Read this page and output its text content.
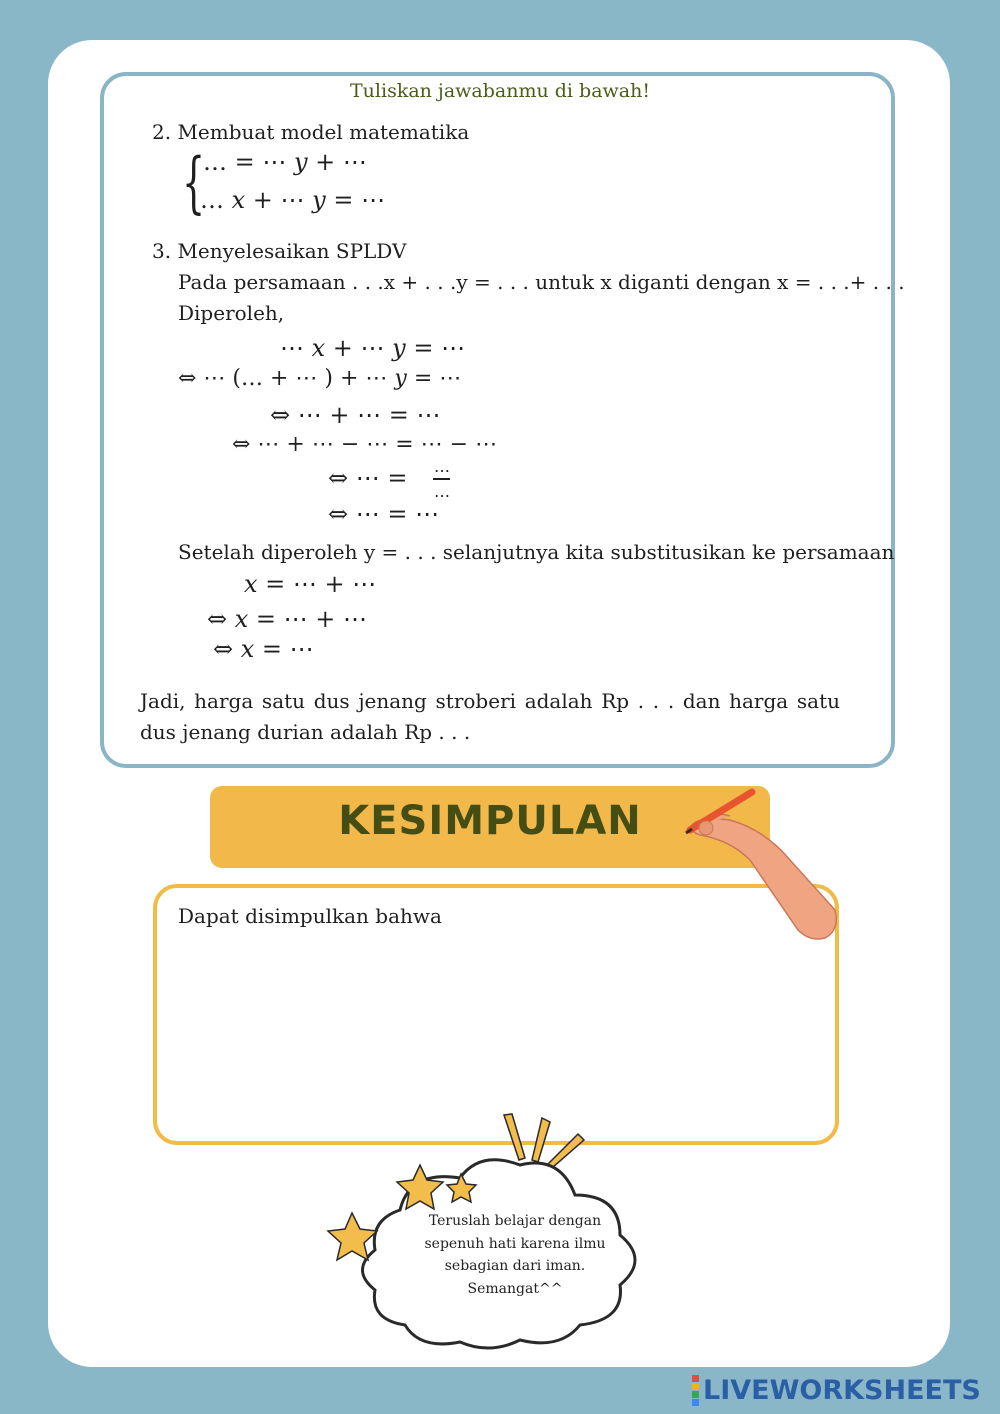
Tuliskan jawabanmu di bawah!
2. Membuat model matematika
{
… = ⋯ 𝑦 + ⋯
… 𝑥 + ⋯ 𝑦 = ⋯
3. Menyelesaikan SPLDV
Pada persamaan . . .x + . . .y = . . . untuk x diganti dengan x = . . .+ . . .
Diperoleh,
⋯ 𝑥 + ⋯ 𝑦 = ⋯
⇔ ⋯ (… + ⋯ ) + ⋯ 𝑦 = ⋯
⇔ ⋯ + ⋯ = ⋯
⇔ ⋯ + ⋯ − ⋯ = ⋯ − ⋯
⇔ ⋯ = …
…
⇔ ⋯ = ⋯
Setelah diperoleh y = . . . selanjutnya kita substitusikan ke persamaan
𝑥 = ⋯ + ⋯
⇔ 𝑥 = ⋯ + ⋯
⇔ 𝑥 = ⋯
Jadi, harga satu dus jenang stroberi adalah Rp . . . dan harga satu dus jenang durian adalah Rp . . .
KESIMPULAN
Dapat disimpulkan bahwa
Teruslah belajar dengan
sepenuh hati karena ilmu
sebagian dari iman.
Semangat^^
LIVEWORKSHEETS
